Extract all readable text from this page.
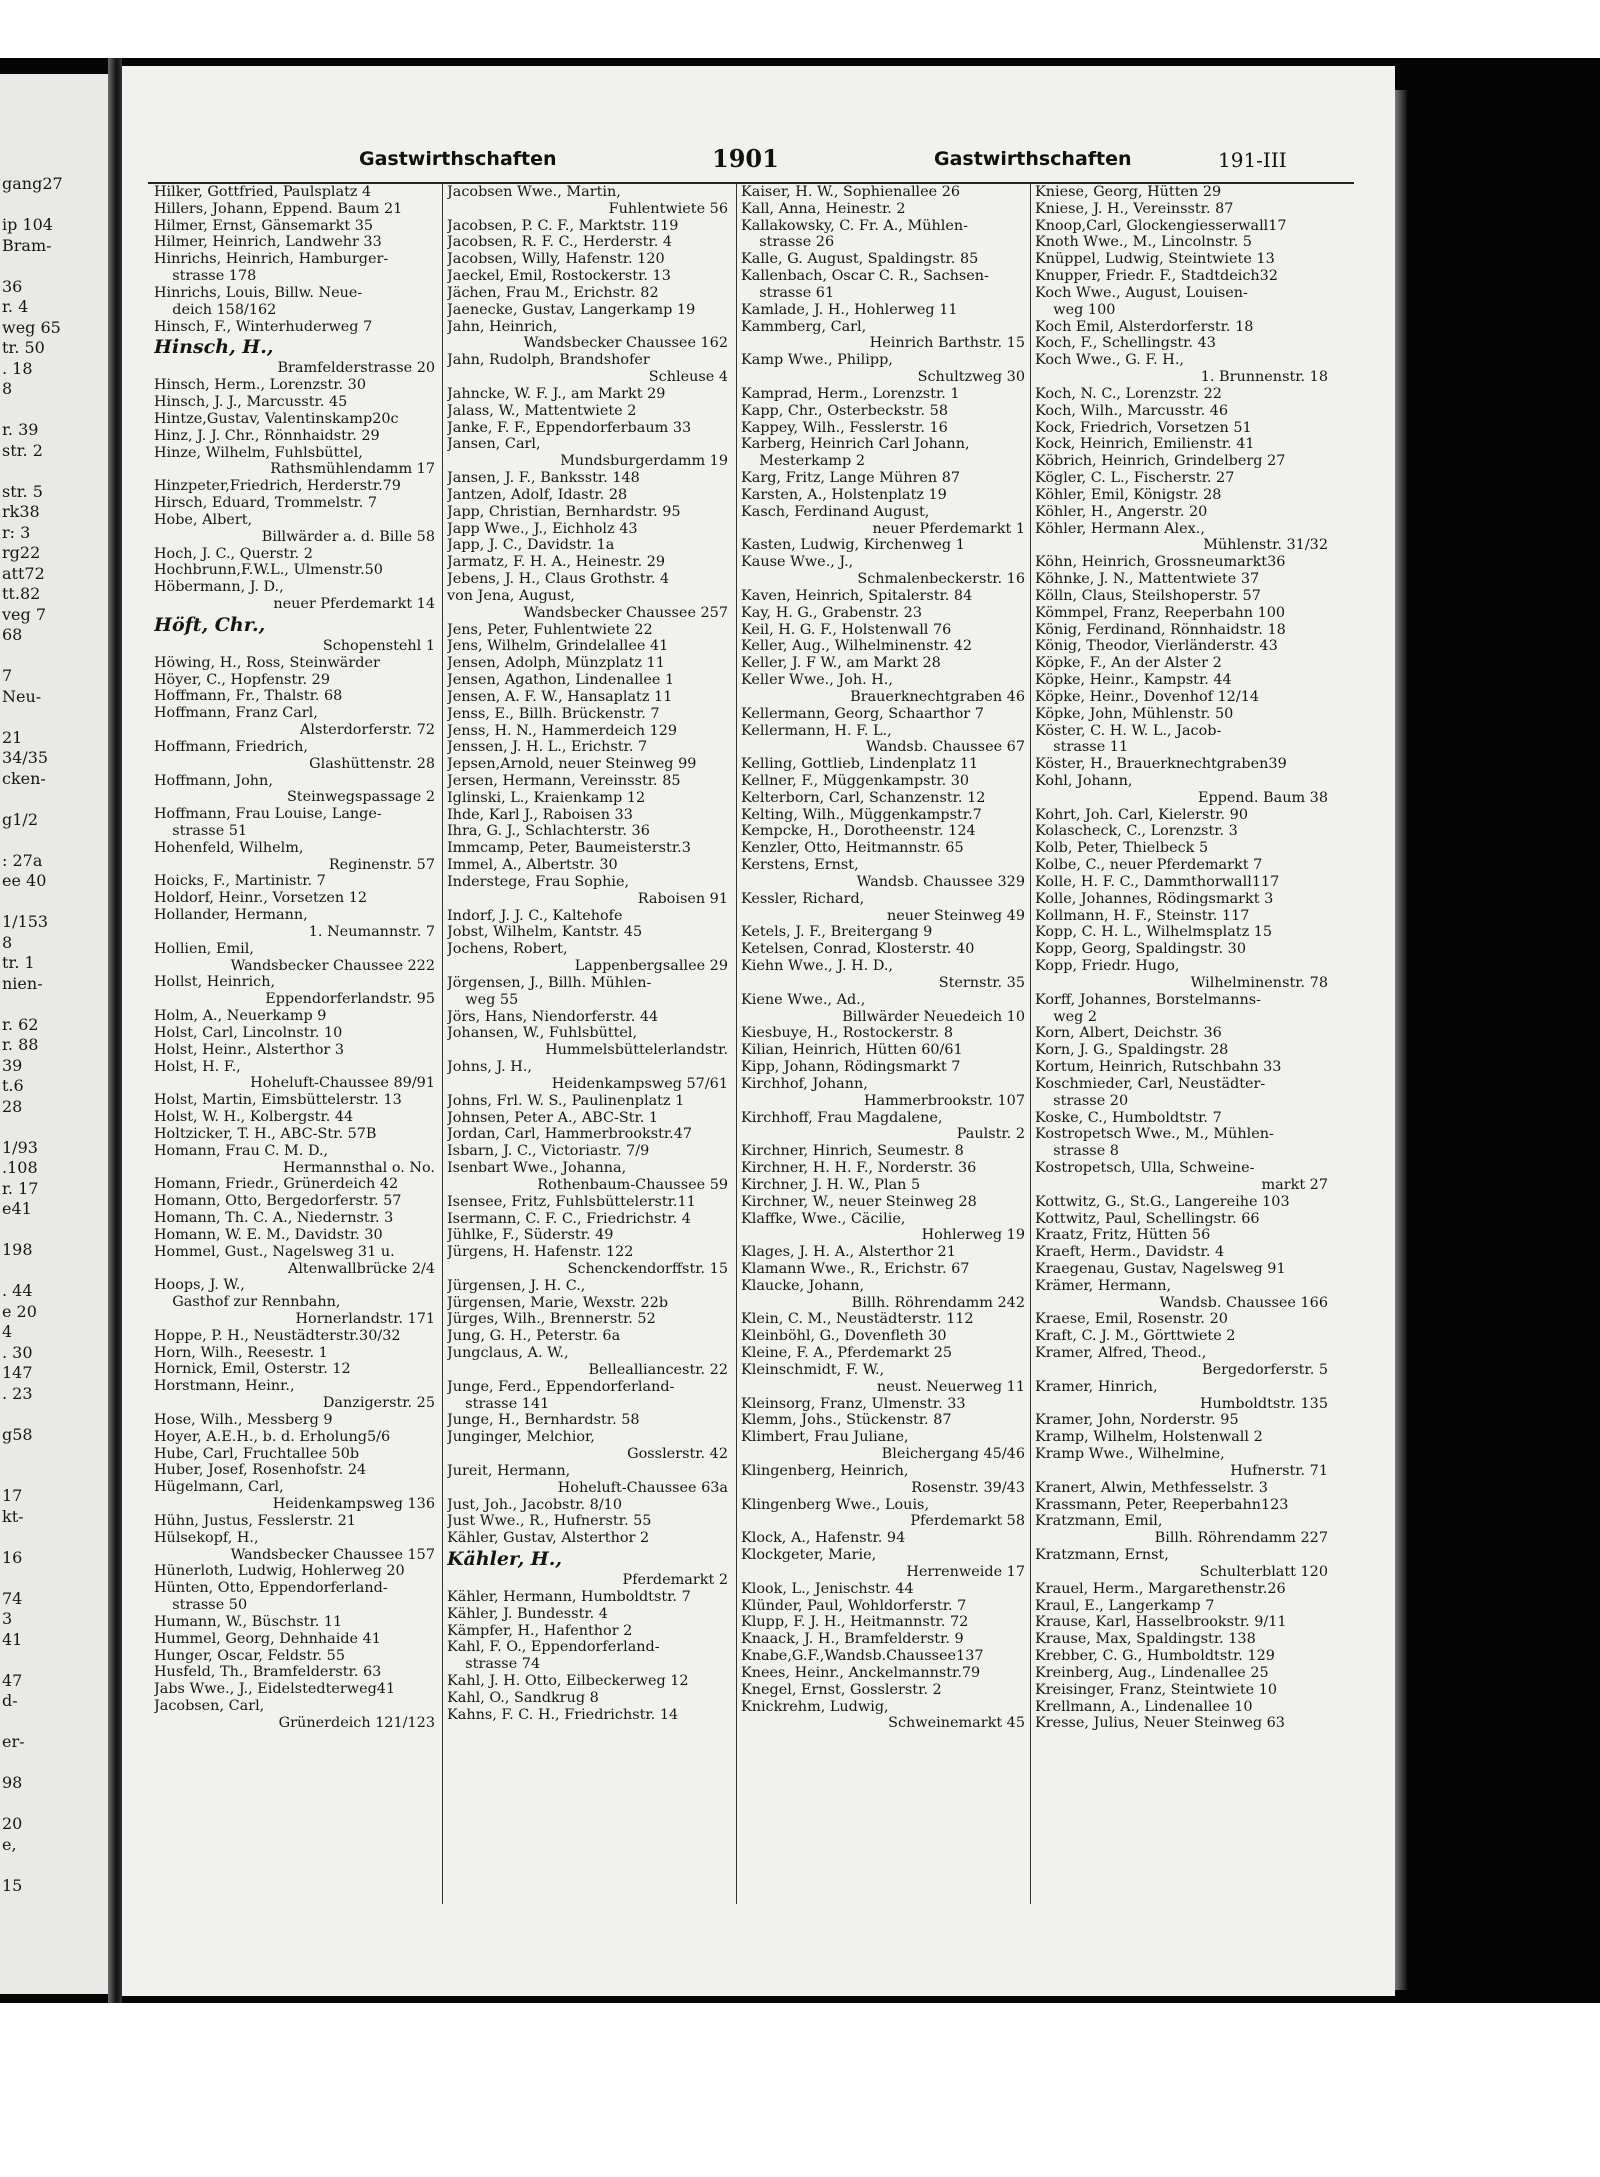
gang27

ip 104
Bram-

36
r. 4
weg 65
tr. 50
. 18
8

r. 39
str. 2

str. 5
rk38
r: 3
rg22
att72
tt.82
veg 7
68

7
Neu-

21
34/35
cken-

g1/2

: 27a
ee 40

1/153
8
tr. 1
nien-

r. 62
r. 88
39
t.6
28

1/93
.108
r. 17
e41

198

. 44
e 20
4
. 30
147
. 23

g58

17
kt-

16

74
3
41

47
d-

er-

98

20
e,

15
Gastwirthschaften	1901	Gastwirthschaften	191-III
Hilker, Gottfried, Paulsplatz 4
Hillers, Johann, Eppend. Baum 21
Hilmer, Ernst, Gänsemarkt 35
Hilmer, Heinrich, Landwehr 33
Hinrichs, Heinrich, Hamburger-
strasse 178
Hinrichs, Louis, Billw. Neue-
deich 158/162
Hinsch, F., Winterhuderweg 7
Hinsch, H.,
Bramfelderstrasse 20
Hinsch, Herm., Lorenzstr. 30
Hinsch, J. J., Marcusstr. 45
Hintze,Gustav, Valentinskamp20c
Hinz, J. J. Chr., Rönnhaidstr. 29
Hinze, Wilhelm, Fuhlsbüttel,
Rathsmühlendamm 17
Hinzpeter,Friedrich, Herderstr.79
Hirsch, Eduard, Trommelstr. 7
Hobe, Albert,
Billwärder a. d. Bille 58
Hoch, J. C., Querstr. 2
Hochbrunn,F.W.L., Ulmenstr.50
Höbermann, J. D.,
neuer Pferdemarkt 14
Höft, Chr.,
Schopenstehl 1
Höwing, H., Ross, Steinwärder
Höyer, C., Hopfenstr. 29
Hoffmann, Fr., Thalstr. 68
Hoffmann, Franz Carl,
Alsterdorferstr. 72
Hoffmann, Friedrich,
Glashüttenstr. 28
Hoffmann, John,
Steinwegspassage 2
Hoffmann, Frau Louise, Lange-
strasse 51
Hohenfeld, Wilhelm,
Reginenstr. 57
Hoicks, F., Martinistr. 7
Holdorf, Heinr., Vorsetzen 12
Hollander, Hermann,
1. Neumannstr. 7
Hollien, Emil,
Wandsbecker Chaussee 222
Hollst, Heinrich,
Eppendorferlandstr. 95
Holm, A., Neuerkamp 9
Holst, Carl, Lincolnstr. 10
Holst, Heinr., Alsterthor 3
Holst, H. F.,
Hoheluft-Chaussee 89/91
Holst, Martin, Eimsbüttelerstr. 13
Holst, W. H., Kolbergstr. 44
Holtzicker, T. H., ABC-Str. 57B
Homann, Frau C. M. D.,
Hermannsthal o. No.
Homann, Friedr., Grünerdeich 42
Homann, Otto, Bergedorferstr. 57
Homann, Th. C. A., Niedernstr. 3
Homann, W. E. M., Davidstr. 30
Hommel, Gust., Nagelsweg 31 u.
Altenwallbrücke 2/4
Hoops, J. W.,
Gasthof zur Rennbahn,
Hornerlandstr. 171
Hoppe, P. H., Neustädterstr.30/32
Horn, Wilh., Reesestr. 1
Hornick, Emil, Osterstr. 12
Horstmann, Heinr.,
Danzigerstr. 25
Hose, Wilh., Messberg 9
Hoyer, A.E.H., b. d. Erholung5/6
Hube, Carl, Fruchtallee 50b
Huber, Josef, Rosenhofstr. 24
Hügelmann, Carl,
Heidenkampsweg 136
Hühn, Justus, Fesslerstr. 21
Hülsekopf, H.,
Wandsbecker Chaussee 157
Hünerloth, Ludwig, Hohlerweg 20
Hünten, Otto, Eppendorferland-
strasse 50
Humann, W., Büschstr. 11
Hummel, Georg, Dehnhaide 41
Hunger, Oscar, Feldstr. 55
Husfeld, Th., Bramfelderstr. 63
Jabs Wwe., J., Eidelstedterweg41
Jacobsen, Carl,
Grünerdeich 121/123
Jacobsen Wwe., Martin,
Fuhlentwiete 56
Jacobsen, P. C. F., Marktstr. 119
Jacobsen, R. F. C., Herderstr. 4
Jacobsen, Willy, Hafenstr. 120
Jaeckel, Emil, Rostockerstr. 13
Jächen, Frau M., Erichstr. 82
Jaenecke, Gustav, Langerkamp 19
Jahn, Heinrich,
Wandsbecker Chaussee 162
Jahn, Rudolph, Brandshofer
Schleuse 4
Jahncke, W. F. J., am Markt 29
Jalass, W., Mattentwiete 2
Janke, F. F., Eppendorferbaum 33
Jansen, Carl,
Mundsburgerdamm 19
Jansen, J. F., Banksstr. 148
Jantzen, Adolf, Idastr. 28
Japp, Christian, Bernhardstr. 95
Japp Wwe., J., Eichholz 43
Japp, J. C., Davidstr. 1a
Jarmatz, F. H. A., Heinestr. 29
Jebens, J. H., Claus Grothstr. 4
von Jena, August,
Wandsbecker Chaussee 257
Jens, Peter, Fuhlentwiete 22
Jens, Wilhelm, Grindelallee 41
Jensen, Adolph, Münzplatz 11
Jensen, Agathon, Lindenallee 1
Jensen, A. F. W., Hansaplatz 11
Jenss, E., Billh. Brückenstr. 7
Jenss, H. N., Hammerdeich 129
Jenssen, J. H. L., Erichstr. 7
Jepsen,Arnold, neuer Steinweg 99
Jersen, Hermann, Vereinsstr. 85
Iglinski, L., Kraienkamp 12
Ihde, Karl J., Raboisen 33
Ihra, G. J., Schlachterstr. 36
Immcamp, Peter, Baumeisterstr.3
Immel, A., Albertstr. 30
Inderstege, Frau Sophie,
Raboisen 91
Indorf, J. J. C., Kaltehofe
Jobst, Wilhelm, Kantstr. 45
Jochens, Robert,
Lappenbergsallee 29
Jörgensen, J., Billh. Mühlen-
weg 55
Jörs, Hans, Niendorferstr. 44
Johansen, W., Fuhlsbüttel,
Hummelsbüttelerlandstr.
Johns, J. H.,
Heidenkampsweg 57/61
Johns, Frl. W. S., Paulinenplatz 1
Johnsen, Peter A., ABC-Str. 1
Jordan, Carl, Hammerbrookstr.47
Isbarn, J. C., Victoriastr. 7/9
Isenbart Wwe., Johanna,
Rothenbaum-Chaussee 59
Isensee, Fritz, Fuhlsbüttelerstr.11
Isermann, C. F. C., Friedrichstr. 4
Jühlke, F., Süderstr. 49
Jürgens, H. Hafenstr. 122
Schenckendorffstr. 15
Jürgensen, J. H. C.,
Jürgensen, Marie, Wexstr. 22b
Jürges, Wilh., Brennerstr. 52
Jung, G. H., Peterstr. 6a
Jungclaus, A. W.,
Bellealliancestr. 22
Junge, Ferd., Eppendorferland-
strasse 141
Junge, H., Bernhardstr. 58
Junginger, Melchior,
Gosslerstr. 42
Jureit, Hermann,
Hoheluft-Chaussee 63a
Just, Joh., Jacobstr. 8/10
Just Wwe., R., Hufnerstr. 55
Kähler, Gustav, Alsterthor 2
Kähler, H.,
Pferdemarkt 2
Kähler, Hermann, Humboldtstr. 7
Kähler, J. Bundesstr. 4
Kämpfer, H., Hafenthor 2
Kahl, F. O., Eppendorferland-
strasse 74
Kahl, J. H. Otto, Eilbeckerweg 12
Kahl, O., Sandkrug 8
Kahns, F. C. H., Friedrichstr. 14
Kaiser, H. W., Sophienallee 26
Kall, Anna, Heinestr. 2
Kallakowsky, C. Fr. A., Mühlen-
strasse 26
Kalle, G. August, Spaldingstr. 85
Kallenbach, Oscar C. R., Sachsen-
strasse 61
Kamlade, J. H., Hohlerweg 11
Kammberg, Carl,
Heinrich Barthstr. 15
Kamp Wwe., Philipp,
Schultzweg 30
Kamprad, Herm., Lorenzstr. 1
Kapp, Chr., Osterbeckstr. 58
Kappey, Wilh., Fesslerstr. 16
Karberg, Heinrich Carl Johann,
Mesterkamp 2
Karg, Fritz, Lange Mühren 87
Karsten, A., Holstenplatz 19
Kasch, Ferdinand August,
neuer Pferdemarkt 1
Kasten, Ludwig, Kirchenweg 1
Kause Wwe., J.,
Schmalenbeckerstr. 16
Kaven, Heinrich, Spitalerstr. 84
Kay, H. G., Grabenstr. 23
Keil, H. G. F., Holstenwall 76
Keller, Aug., Wilhelminenstr. 42
Keller, J. F W., am Markt 28
Keller Wwe., Joh. H.,
Brauerknechtgraben 46
Kellermann, Georg, Schaarthor 7
Kellermann, H. F. L.,
Wandsb. Chaussee 67
Kelling, Gottlieb, Lindenplatz 11
Kellner, F., Müggenkampstr. 30
Kelterborn, Carl, Schanzenstr. 12
Kelting, Wilh., Müggenkampstr.7
Kempcke, H., Dorotheenstr. 124
Kenzler, Otto, Heitmannstr. 65
Kerstens, Ernst,
Wandsb. Chaussee 329
Kessler, Richard,
neuer Steinweg 49
Ketels, J. F., Breitergang 9
Ketelsen, Conrad, Klosterstr. 40
Kiehn Wwe., J. H. D.,
Sternstr. 35
Kiene Wwe., Ad.,
Billwärder Neuedeich 10
Kiesbuye, H., Rostockerstr. 8
Kilian, Heinrich, Hütten 60/61
Kipp, Johann, Rödingsmarkt 7
Kirchhof, Johann,
Hammerbrookstr. 107
Kirchhoff, Frau Magdalene,
Paulstr. 2
Kirchner, Hinrich, Seumestr. 8
Kirchner, H. H. F., Norderstr. 36
Kirchner, J. H. W., Plan 5
Kirchner, W., neuer Steinweg 28
Klaffke, Wwe., Cäcilie,
Hohlerweg 19
Klages, J. H. A., Alsterthor 21
Klamann Wwe., R., Erichstr. 67
Klaucke, Johann,
Billh. Röhrendamm 242
Klein, C. M., Neustädterstr. 112
Kleinböhl, G., Dovenfleth 30
Kleine, F. A., Pferdemarkt 25
Kleinschmidt, F. W.,
neust. Neuerweg 11
Kleinsorg, Franz, Ulmenstr. 33
Klemm, Johs., Stückenstr. 87
Klimbert, Frau Juliane,
Bleichergang 45/46
Klingenberg, Heinrich,
Rosenstr. 39/43
Klingenberg Wwe., Louis,
Pferdemarkt 58
Klock, A., Hafenstr. 94
Klockgeter, Marie,
Herrenweide 17
Klook, L., Jenischstr. 44
Klünder, Paul, Wohldorferstr. 7
Klupp, F. J. H., Heitmannstr. 72
Knaack, J. H., Bramfelderstr. 9
Knabe,G.F.,Wandsb.Chaussee137
Knees, Heinr., Anckelmannstr.79
Knegel, Ernst, Gosslerstr. 2
Knickrehm, Ludwig,
Schweinemarkt 45
Kniese, Georg, Hütten 29
Kniese, J. H., Vereinsstr. 87
Knoop,Carl, Glockengiesserwall17
Knoth Wwe., M., Lincolnstr. 5
Knüppel, Ludwig, Steintwiete 13
Knupper, Friedr. F., Stadtdeich32
Koch Wwe., August, Louisen-
weg 100
Koch Emil, Alsterdorferstr. 18
Koch, F., Schellingstr. 43
Koch Wwe., G. F. H.,
1. Brunnenstr. 18
Koch, N. C., Lorenzstr. 22
Koch, Wilh., Marcusstr. 46
Kock, Friedrich, Vorsetzen 51
Kock, Heinrich, Emilienstr. 41
Köbrich, Heinrich, Grindelberg 27
Kögler, C. L., Fischerstr. 27
Köhler, Emil, Königstr. 28
Köhler, H., Angerstr. 20
Köhler, Hermann Alex.,
Mühlenstr. 31/32
Köhn, Heinrich, Grossneumarkt36
Köhnke, J. N., Mattentwiete 37
Kölln, Claus, Steilshoperstr. 57
Kömmpel, Franz, Reeperbahn 100
König, Ferdinand, Rönnhaidstr. 18
König, Theodor, Vierländerstr. 43
Köpke, F., An der Alster 2
Köpke, Heinr., Kampstr. 44
Köpke, Heinr., Dovenhof 12/14
Köpke, John, Mühlenstr. 50
Köster, C. H. W. L., Jacob-
strasse 11
Köster, H., Brauerknechtgraben39
Kohl, Johann,
Eppend. Baum 38
Kohrt, Joh. Carl, Kielerstr. 90
Kolascheck, C., Lorenzstr. 3
Kolb, Peter, Thielbeck 5
Kolbe, C., neuer Pferdemarkt 7
Kolle, H. F. C., Dammthorwall117
Kolle, Johannes, Rödingsmarkt 3
Kollmann, H. F., Steinstr. 117
Kopp, C. H. L., Wilhelmsplatz 15
Kopp, Georg, Spaldingstr. 30
Kopp, Friedr. Hugo,
Wilhelminenstr. 78
Korff, Johannes, Borstelmanns-
weg 2
Korn, Albert, Deichstr. 36
Korn, J. G., Spaldingstr. 28
Kortum, Heinrich, Rutschbahn 33
Koschmieder, Carl, Neustädter-
strasse 20
Koske, C., Humboldtstr. 7
Kostropetsch Wwe., M., Mühlen-
strasse 8
Kostropetsch, Ulla, Schweine-
markt 27
Kottwitz, G., St.G., Langereihe 103
Kottwitz, Paul, Schellingstr. 66
Kraatz, Fritz, Hütten 56
Kraeft, Herm., Davidstr. 4
Kraegenau, Gustav, Nagelsweg 91
Krämer, Hermann,
Wandsb. Chaussee 166
Kraese, Emil, Rosenstr. 20
Kraft, C. J. M., Görttwiete 2
Kramer, Alfred, Theod.,
Bergedorferstr. 5
Kramer, Hinrich,
Humboldtstr. 135
Kramer, John, Norderstr. 95
Kramp, Wilhelm, Holstenwall 2
Kramp Wwe., Wilhelmine,
Hufnerstr. 71
Kranert, Alwin, Methfesselstr. 3
Krassmann, Peter, Reeperbahn123
Kratzmann, Emil,
Billh. Röhrendamm 227
Kratzmann, Ernst,
Schulterblatt 120
Krauel, Herm., Margarethenstr.26
Kraul, E., Langerkamp 7
Krause, Karl, Hasselbrookstr. 9/11
Krause, Max, Spaldingstr. 138
Krebber, C. G., Humboldtstr. 129
Kreinberg, Aug., Lindenallee 25
Kreisinger, Franz, Steintwiete 10
Krellmann, A., Lindenallee 10
Kresse, Julius, Neuer Steinweg 63
